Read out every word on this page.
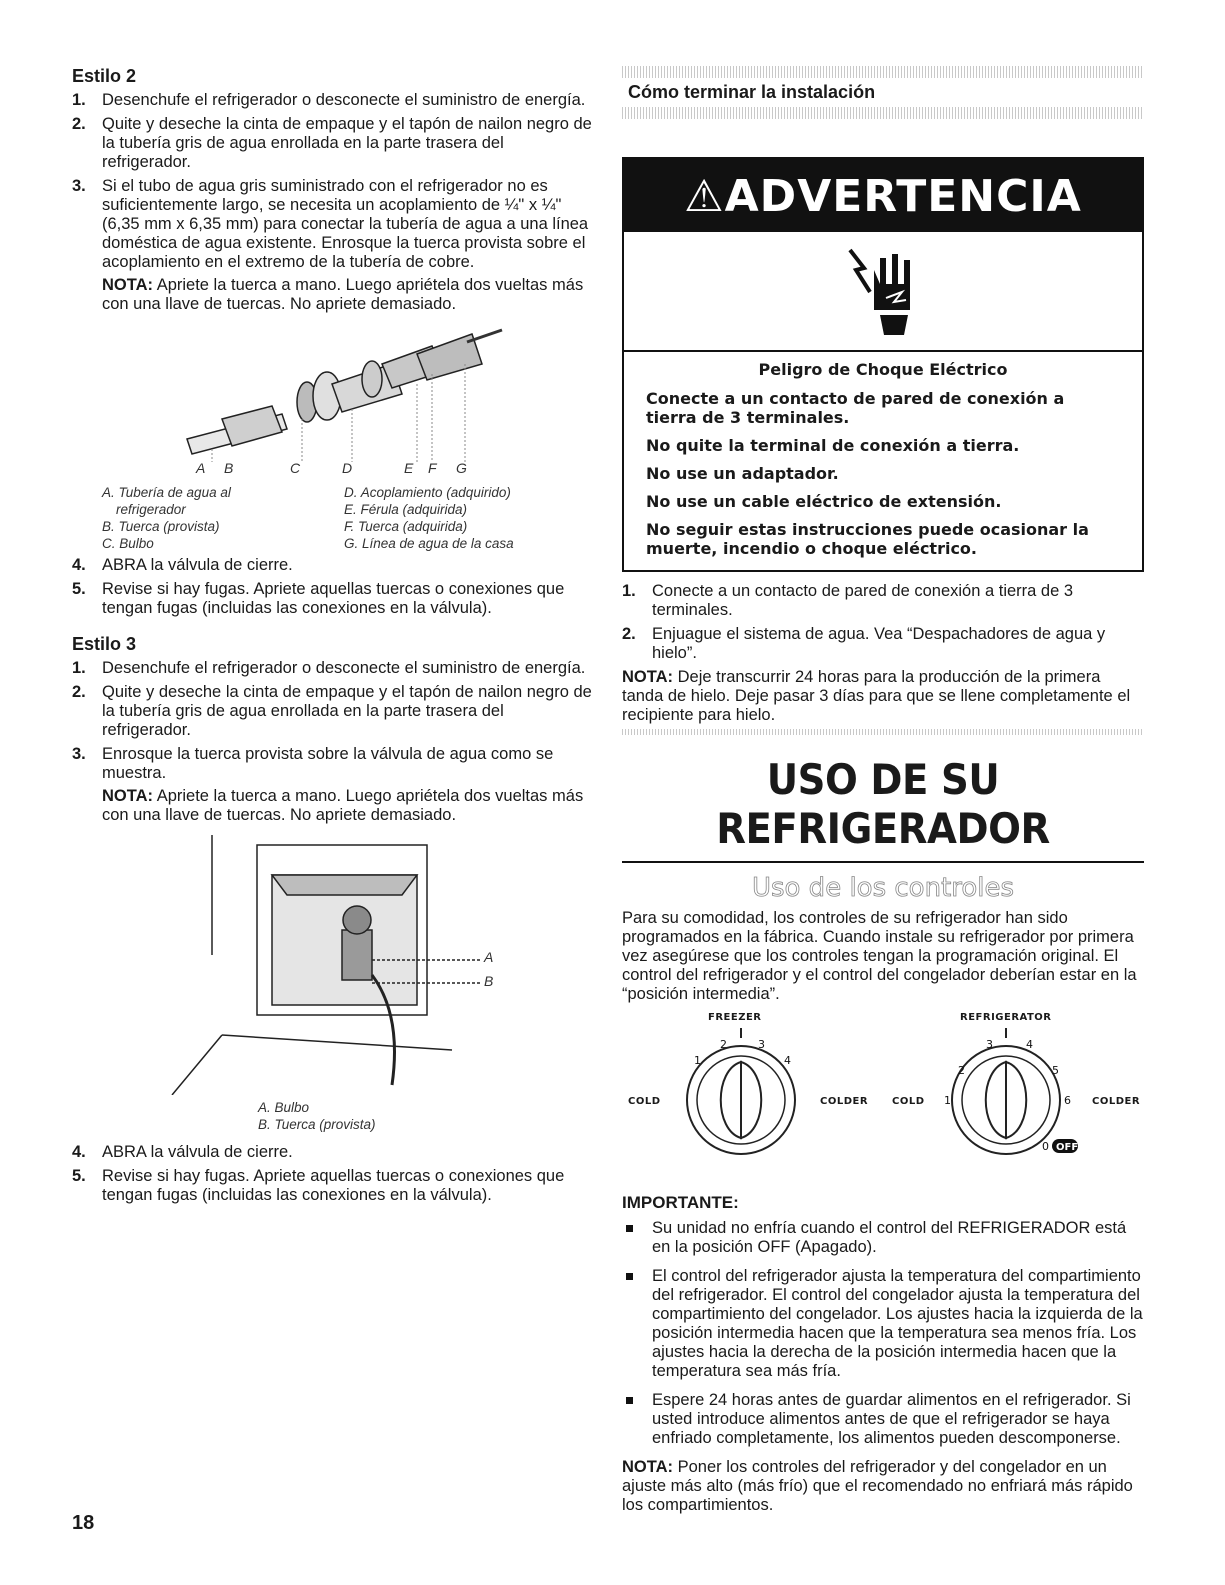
Estilo 2
1. Desenchufe el refrigerador o desconecte el suministro de energía.
2. Quite y deseche la cinta de empaque y el tapón de nailon negro de la tubería gris de agua enrollada en la parte trasera del refrigerador.
3. Si el tubo de agua gris suministrado con el refrigerador no es suficientemente largo, se necesita un acoplamiento de ¼" x ¼" (6,35 mm x 6,35 mm) para conectar la tubería de agua a una línea doméstica de agua existente. Enrosque la tuerca provista sobre el acoplamiento en el extremo de la tubería de cobre.
NOTA: Apriete la tuerca a mano. Luego apriétela dos vueltas más con una llave de tuercas. No apriete demasiado.
A B	C	D	E F G
A. Tubería de agua al
refrigerador
B. Tuerca (provista)
C. Bulbo
D. Acoplamiento (adquirido)
E. Férula (adquirida)
F. Tuerca (adquirida)
G. Línea de agua de la casa
4. ABRA la válvula de cierre.
5. Revise si hay fugas. Apriete aquellas tuercas o conexiones que tengan fugas (incluidas las conexiones en la válvula).
Estilo 3
1. Desenchufe el refrigerador o desconecte el suministro de energía.
2. Quite y deseche la cinta de empaque y el tapón de nailon negro de la tubería gris de agua enrollada en la parte trasera del refrigerador.
3. Enrosque la tuerca provista sobre la válvula de agua como se muestra.
NOTA: Apriete la tuerca a mano. Luego apriétela dos vueltas más con una llave de tuercas. No apriete demasiado.
A
B
A. Bulbo
B. Tuerca (provista)
4. ABRA la válvula de cierre.
5. Revise si hay fugas. Apriete aquellas tuercas o conexiones que tengan fugas (incluidas las conexiones en la válvula).
Cómo terminar la instalación
⚠ADVERTENCIA
Peligro de Choque Eléctrico
Conecte a un contacto de pared de conexión a tierra de 3 terminales.
No quite la terminal de conexión a tierra.
No use un adaptador.
No use un cable eléctrico de extensión.
No seguir estas instrucciones puede ocasionar la muerte, incendio o choque eléctrico.
1. Conecte a un contacto de pared de conexión a tierra de 3 terminales.
2. Enjuague el sistema de agua. Vea “Despachadores de agua y hielo”.
NOTA: Deje transcurrir 24 horas para la producción de la primera tanda de hielo. Deje pasar 3 días para que se llene completamente el recipiente para hielo.
USO DE SU REFRIGERADOR
Uso de los controles
Para su comodidad, los controles de su refrigerador han sido programados en la fábrica. Cuando instale su refrigerador por primera vez asegúrese que los controles tengan la programación original. El control del refrigerador y el control del congelador deberían estar en la “posición intermedia”.
FREEZER	REFRIGERATOR
COLD	COLDER COLD	COLDER
1
2	3
4
1
2
3	4
5
6
0 OFF
IMPORTANTE:
Su unidad no enfría cuando el control del REFRIGERADOR está en la posición OFF (Apagado).
El control del refrigerador ajusta la temperatura del compartimiento del refrigerador. El control del congelador ajusta la temperatura del compartimiento del congelador. Los ajustes hacia la izquierda de la posición intermedia hacen que la temperatura sea menos fría. Los ajustes hacia la derecha de la posición intermedia hacen que la temperatura sea más fría.
Espere 24 horas antes de guardar alimentos en el refrigerador. Si usted introduce alimentos antes de que el refrigerador se haya enfriado completamente, los alimentos pueden descomponerse.
NOTA: Poner los controles del refrigerador y del congelador en un ajuste más alto (más frío) que el recomendado no enfriará más rápido los compartimientos.
18
